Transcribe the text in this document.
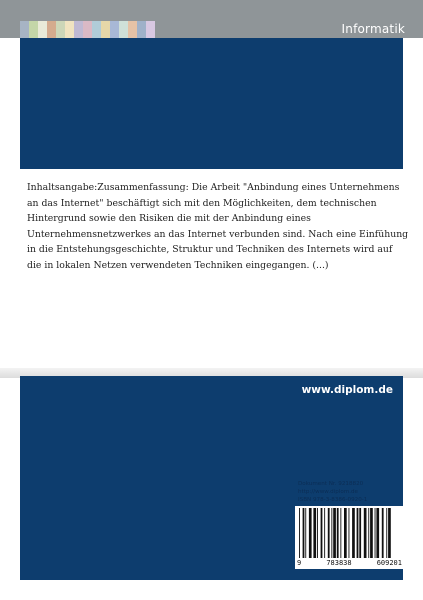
Informatik
Inhaltsangabe:Zusammenfassung: Die Arbeit "Anbindung eines Unternehmens
an das Internet" beschäftigt sich mit den Möglichkeiten, dem technischen
Hintergrund sowie den Risiken die mit der Anbindung eines
Unternehmensnetzwerkes an das Internet verbunden sind. Nach eine Einfühung
in die Entstehungsgeschichte, Struktur und Techniken des Internets wird auf
die in lokalen Netzen verwendeten Techniken eingegangen. (...)
www.diplom.de
Dokument Nr. 9218820
http://www.diplom.de
ISBN 978-3-8386-0920-1
9	783838	609201
